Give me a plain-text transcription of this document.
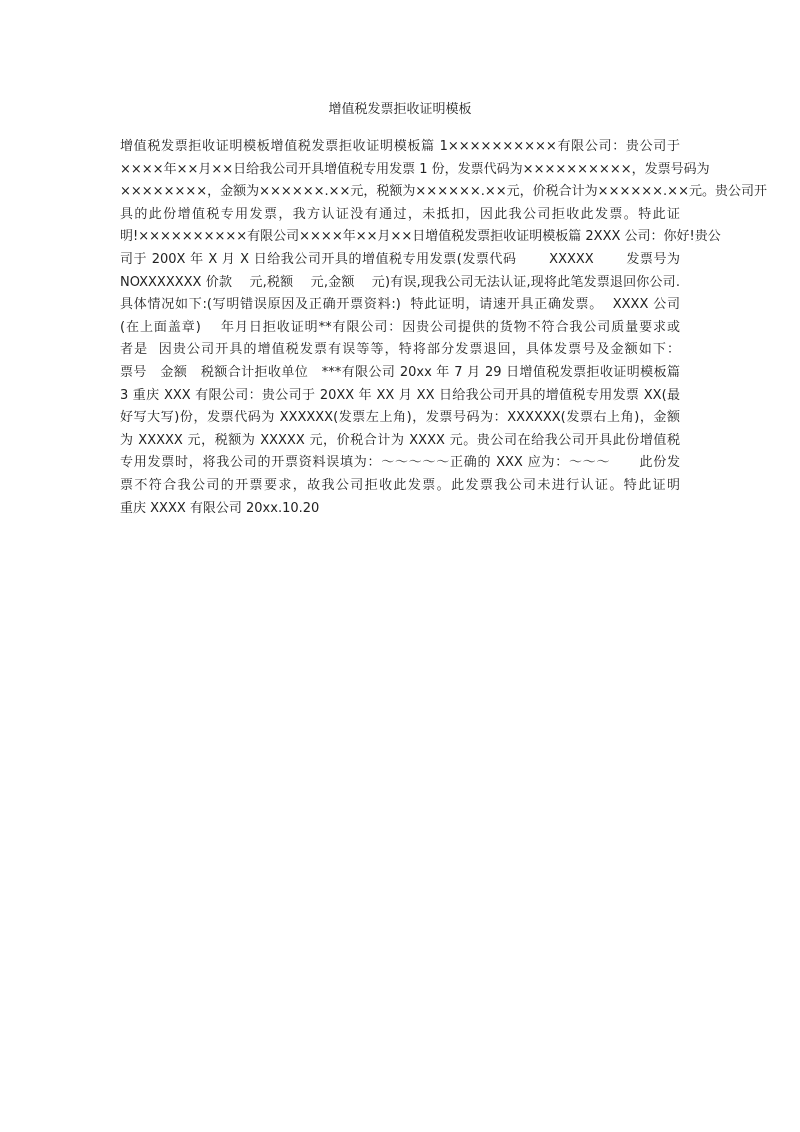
增值税发票拒收证明模板
增值税发票拒收证明模板增值税发票拒收证明模板篇 1××××××××××有限公司：贵公司于
××××年××月××日给我公司开具增值税专用发票 1 份，发票代码为××××××××××，发票号码为
××××××××，金额为××××××.××元，税额为××××××.××元，价税合计为××××××.××元。贵公司开
具的此份增值税专用发票，我方认证没有通过，未抵扣，因此我公司拒收此发票。特此证
明!××××××××××有限公司××××年××月××日增值税发票拒收证明模板篇 2XXX 公司：你好!贵公
司于 200X 年 X 月 X 日给我公司开具的增值税专用发票(发票代码       XXXXX       发票号为
NOXXXXXXX 价款    元,税额    元,金额    元)有误,现我公司无法认证,现将此笔发票退回你公司.
具体情况如下:(写明错误原因及正确开票资料:)  特此证明，请速开具正确发票。  XXXX 公司
(在上面盖章)    年月日拒收证明**有限公司：因贵公司提供的货物不符合我公司质量要求或
者是  因贵公司开具的增值税发票有误等等，特将部分发票退回，具体发票号及金额如下：
票号   金额   税额合计拒收单位   ***有限公司 20xx 年 7 月 29 日增值税发票拒收证明模板篇
3 重庆 XXX 有限公司：贵公司于 20XX 年 XX 月 XX 日给我公司开具的增值税专用发票 XX(最
好写大写)份，发票代码为 XXXXXX(发票左上角)，发票号码为：XXXXXX(发票右上角)，金额
为 XXXXX 元，税额为 XXXXX 元，价税合计为 XXXX 元。贵公司在给我公司开具此份增值税
专用发票时，将我公司的开票资料误填为：～～～～～正确的 XXX 应为：～～～      此份发
票不符合我公司的开票要求，故我公司拒收此发票。此发票我公司未进行认证。特此证明
重庆 XXXX 有限公司 20xx.10.20
